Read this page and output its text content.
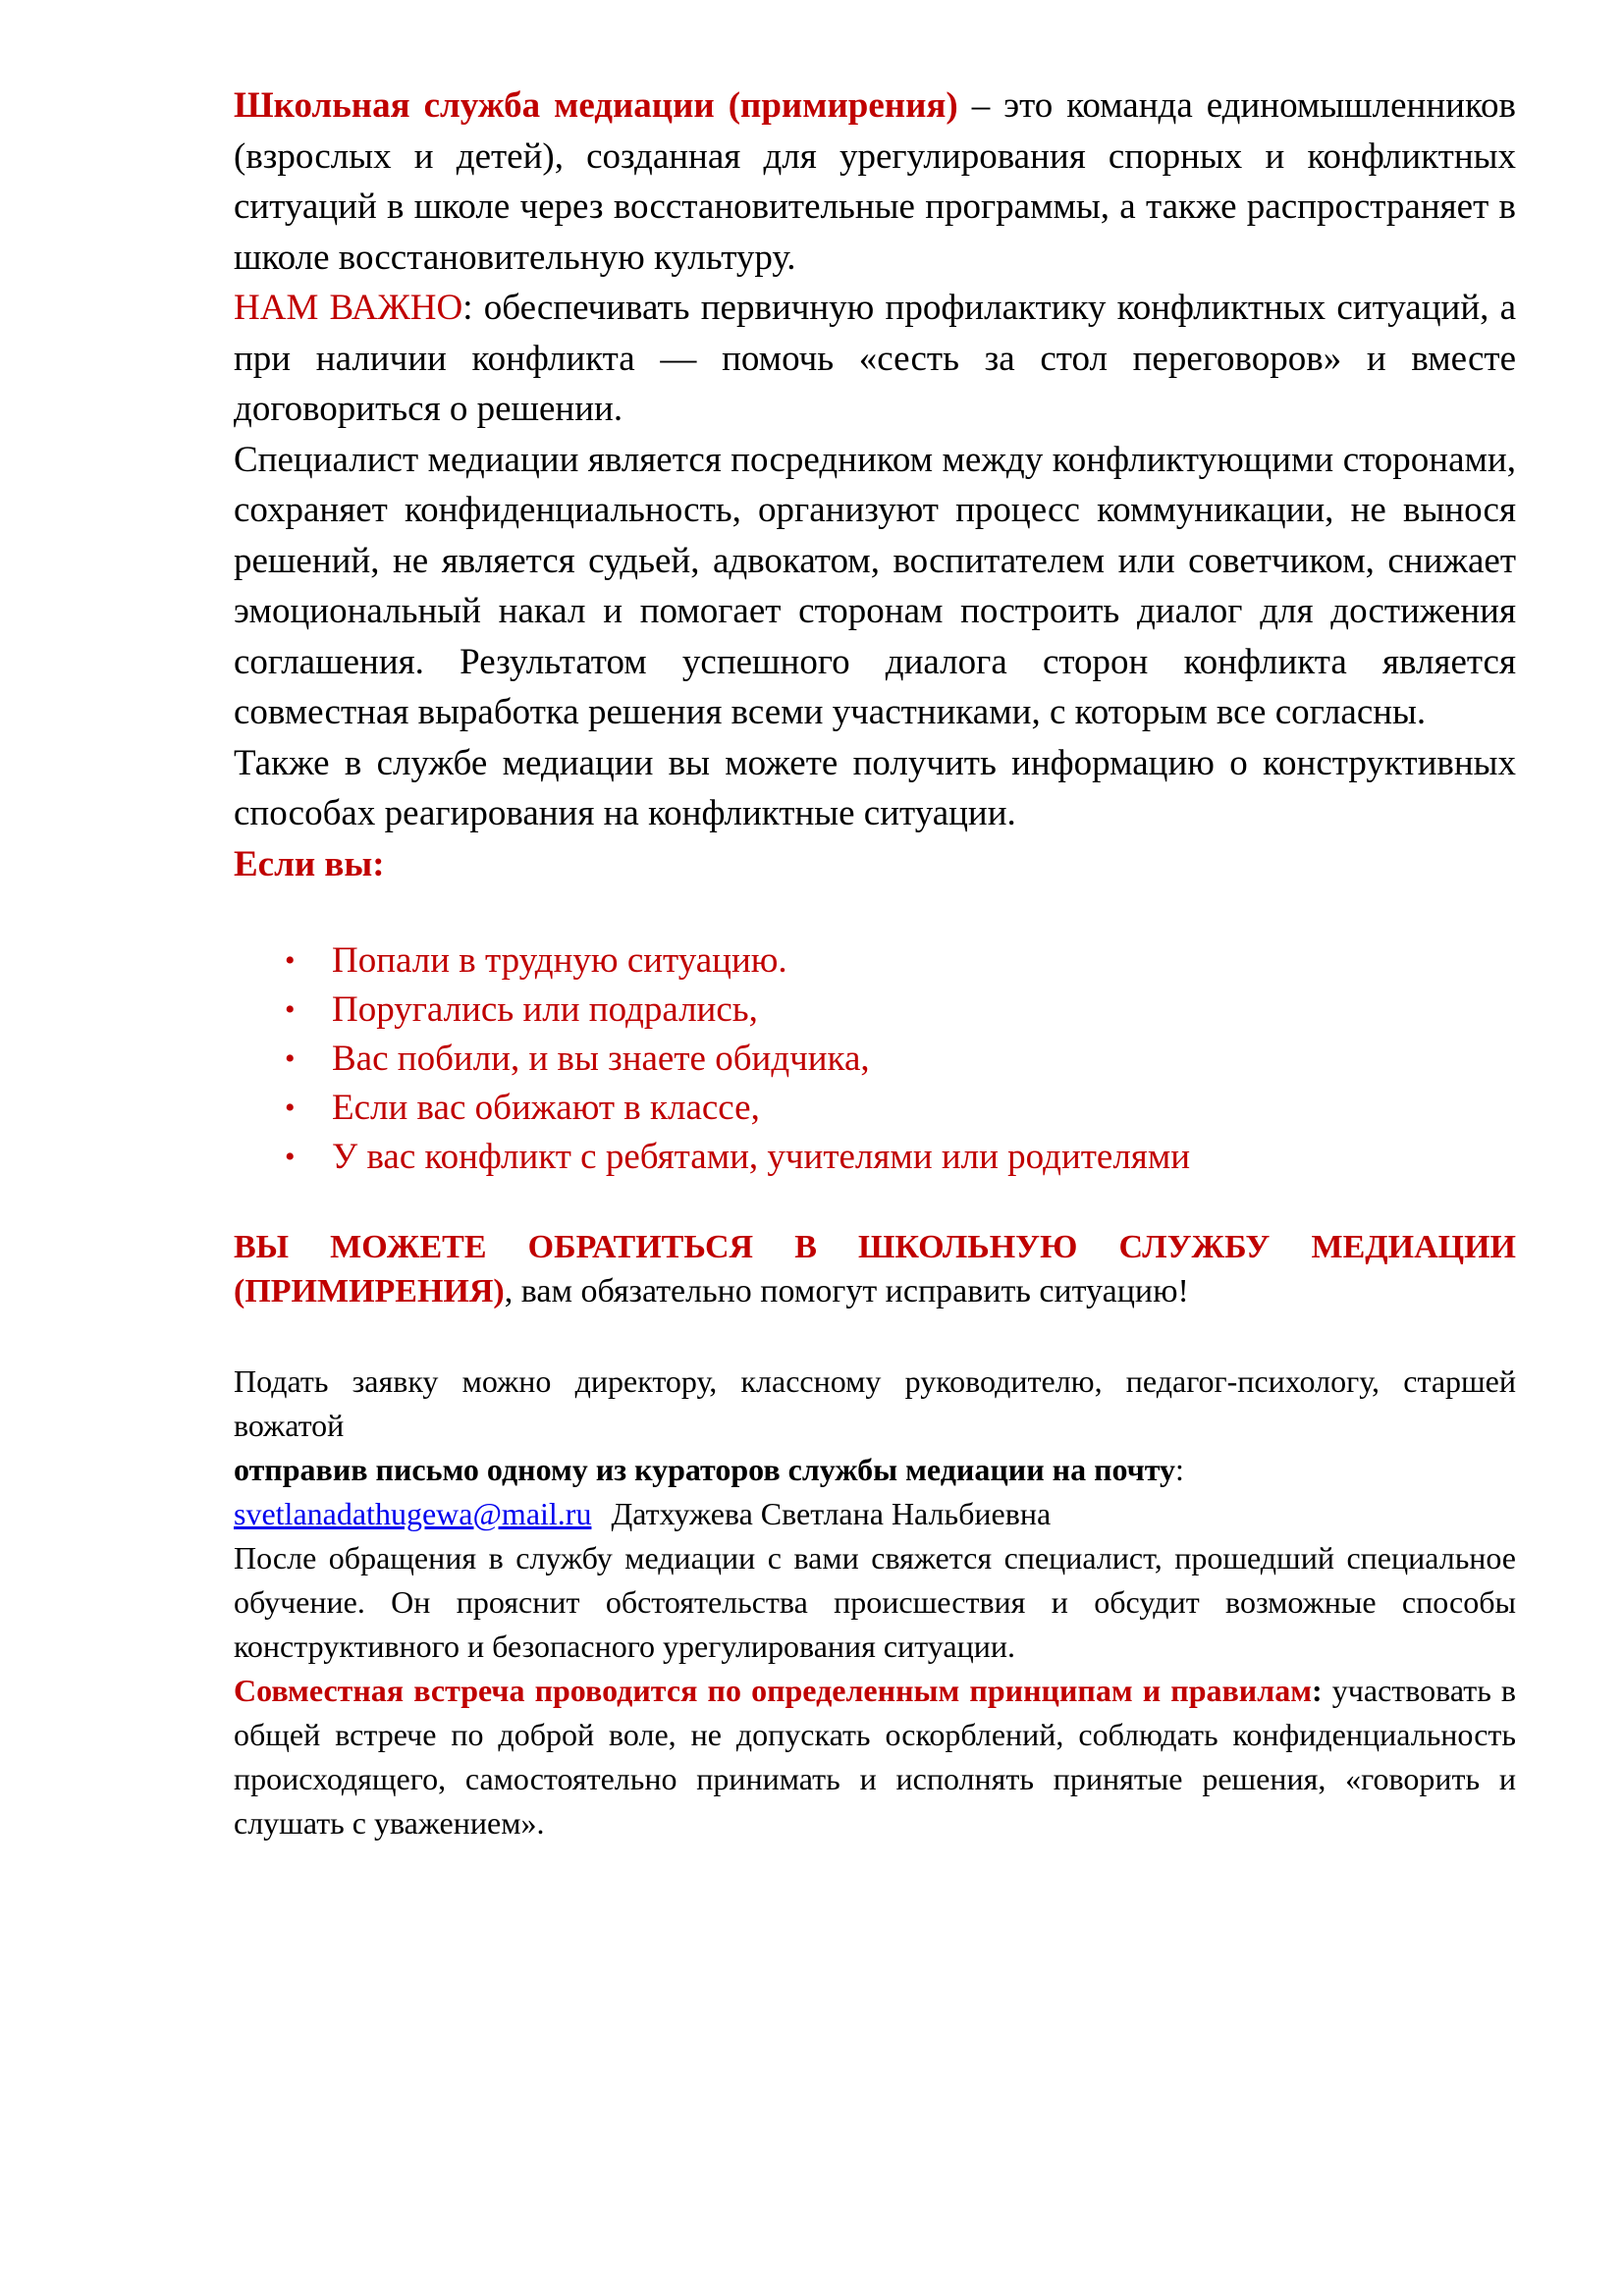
Школьная служба медиации (примирения) – это команда единомышленников (взрослых и детей), созданная для урегулирования спорных и конфликтных ситуаций в школе через восстановительные программы, а также распространяет в школе восстановительную культуру.

НАМ ВАЖНО: обеспечивать первичную профилактику конфликтных ситуаций, а при наличии конфликта — помочь «сесть за стол переговоров» и вместе договориться о решении.

Специалист медиации является посредником между конфликтующими сторонами, сохраняет конфиденциальность, организуют процесс коммуникации, не вынося решений, не является судьей, адвокатом, воспитателем или советчиком, снижает эмоциональный накал и помогает сторонам построить диалог для достижения соглашения. Результатом успешного диалога сторон конфликта является совместная выработка решения всеми участниками, с которым все согласны.

Также в службе медиации вы можете получить информацию о конструктивных способах реагирования на конфликтные ситуации.

Если вы:

• Попали в трудную ситуацию.
• Поругались или подрались,
• Вас побили, и вы знаете обидчика,
• Если вас обижают в классе,
• У вас конфликт с ребятами, учителями или родителями

ВЫ МОЖЕТЕ ОБРАТИТЬСЯ В ШКОЛЬНУЮ СЛУЖБУ МЕДИАЦИИ (ПРИМИРЕНИЯ), вам обязательно помогут исправить ситуацию!

Подать заявку можно директору, классному руководителю, педагог-психологу, старшей вожатой

отправив письмо одному из кураторов службы медиации на почту:

svetlanadathugewa@mail.ru Датхужева Светлана Нальбиевна

После обращения в службу медиации с вами свяжется специалист, прошедший специальное обучение. Он прояснит обстоятельства происшествия и обсудит возможные способы конструктивного и безопасного урегулирования ситуации.

Совместная встреча проводится по определенным принципам и правилам: участвовать в общей встрече по доброй воле, не допускать оскорблений, соблюдать конфиденциальность происходящего, самостоятельно принимать и исполнять принятые решения, «говорить и слушать с уважением».
